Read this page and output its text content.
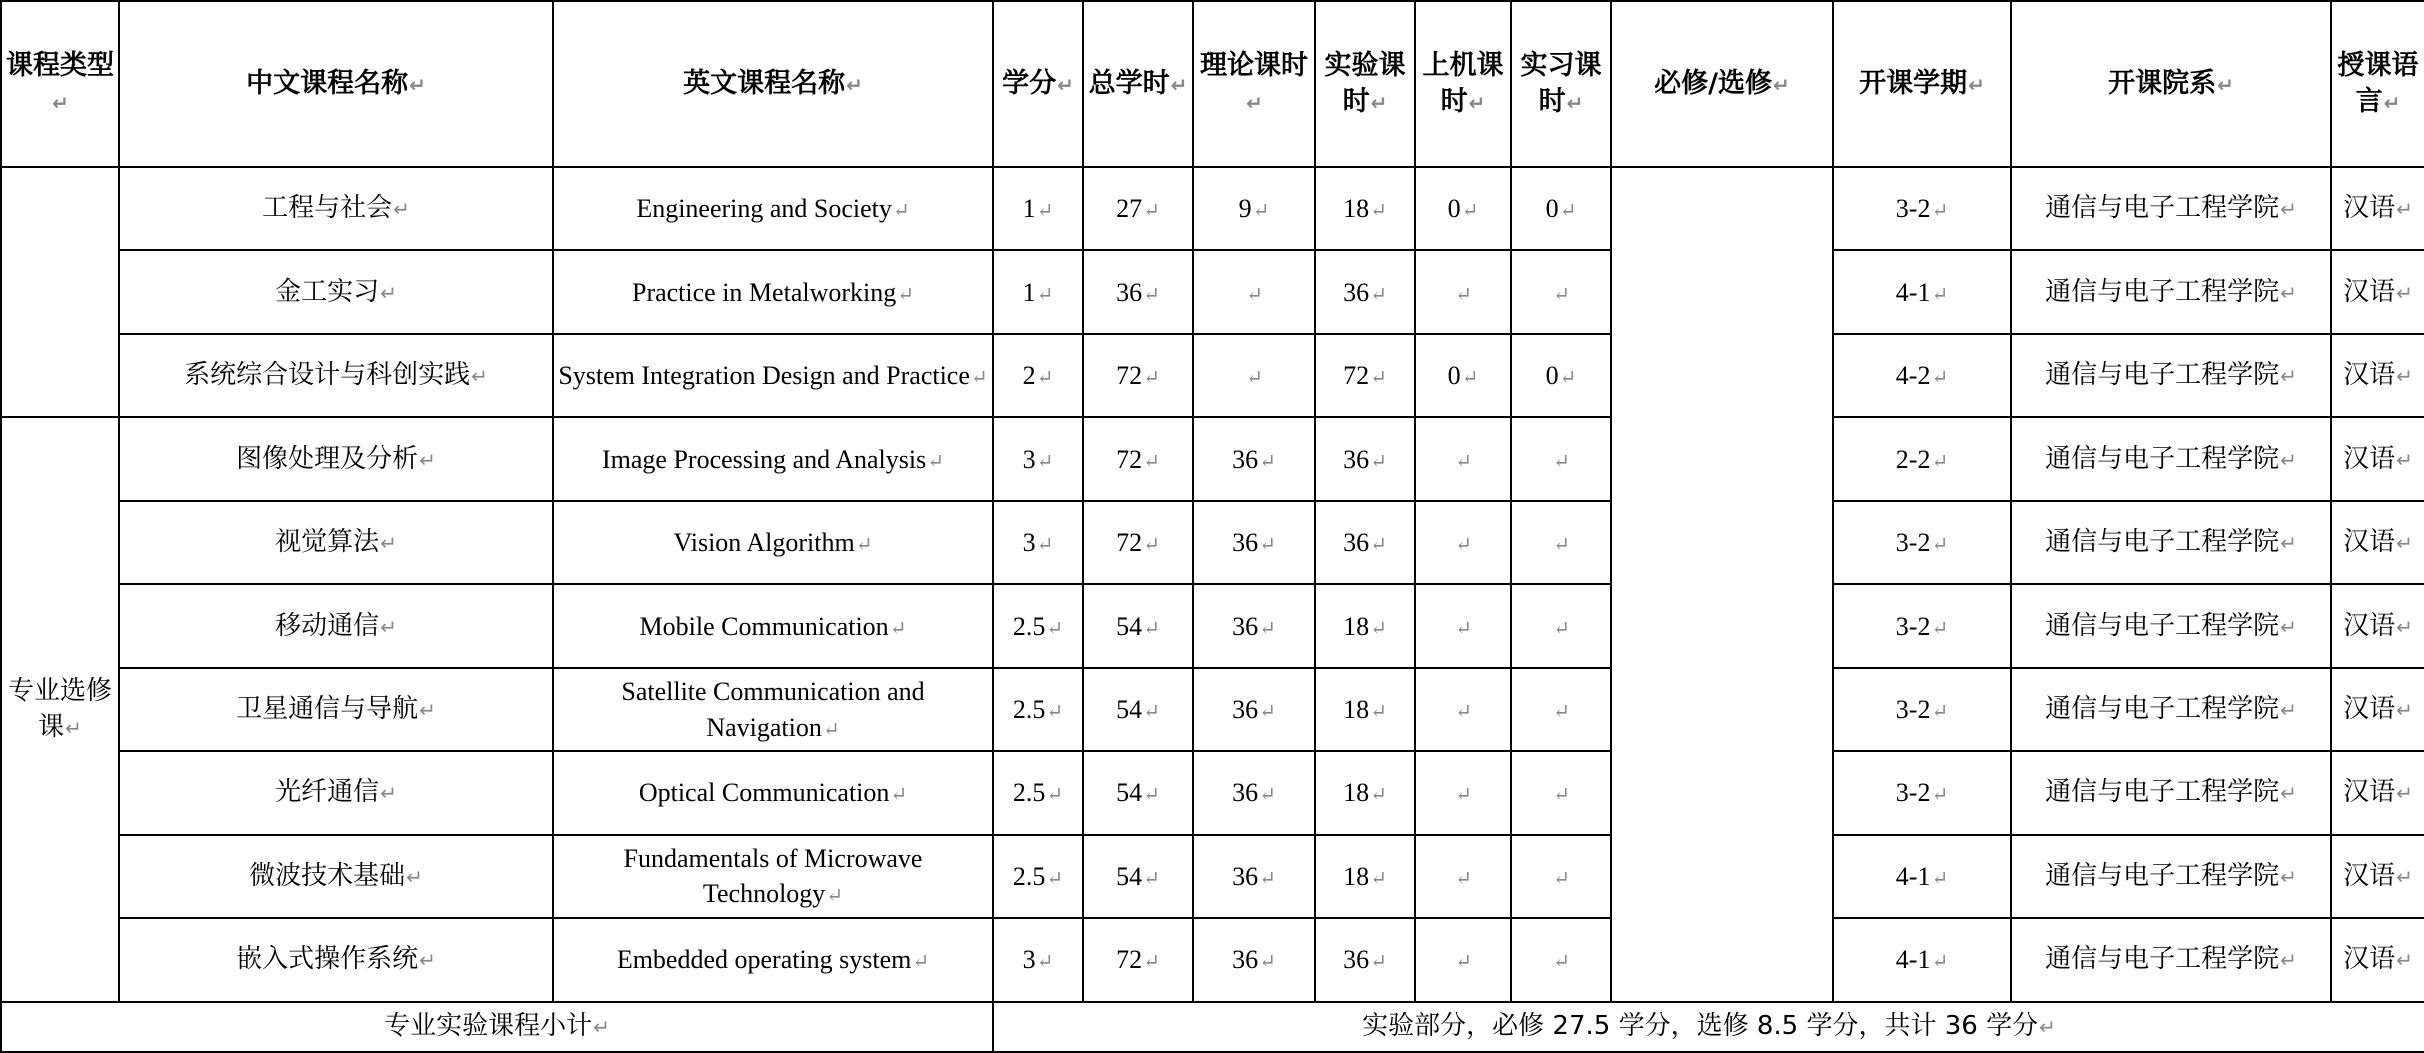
课程类型 ↵	中文课程名称 ↵	英文课程名称 ↵	学分 ↵	总学时 ↵	理论课时 ↵	实验课时 ↵	上机课时 ↵	实习课时 ↵	必修/选修 ↵	开课学期 ↵	开课院系 ↵	授课语言 ↵
	工程与社会 ↵	Engineering and Society ↵	1 ↵	27 ↵	9 ↵	18 ↵	0 ↵	0 ↵		3-2 ↵	通信与电子工程学院 ↵	汉语 ↵
	金工实习 ↵	Practice in Metalworking ↵	1 ↵	36 ↵	↵	36 ↵	↵	↵		4-1 ↵	通信与电子工程学院 ↵	汉语 ↵
	系统综合设计与科创实践 ↵	System Integration Design and Practice ↵	2 ↵	72 ↵	↵	72 ↵	0 ↵	0 ↵		4-2 ↵	通信与电子工程学院 ↵	汉语 ↵
专业选修课 ↵	图像处理及分析 ↵	Image Processing and Analysis ↵	3 ↵	72 ↵	36 ↵	36 ↵	↵	↵		2-2 ↵	通信与电子工程学院 ↵	汉语 ↵
	视觉算法 ↵	Vision Algorithm ↵	3 ↵	72 ↵	36 ↵	36 ↵	↵	↵		3-2 ↵	通信与电子工程学院 ↵	汉语 ↵
	移动通信 ↵	Mobile Communication ↵	2.5 ↵	54 ↵	36 ↵	18 ↵	↵	↵		3-2 ↵	通信与电子工程学院 ↵	汉语 ↵
	卫星通信与导航 ↵	Satellite Communication and Navigation ↵	2.5 ↵	54 ↵	36 ↵	18 ↵	↵	↵		3-2 ↵	通信与电子工程学院 ↵	汉语 ↵
	光纤通信 ↵	Optical Communication ↵	2.5 ↵	54 ↵	36 ↵	18 ↵	↵	↵		3-2 ↵	通信与电子工程学院 ↵	汉语 ↵
	微波技术基础 ↵	Fundamentals of Microwave Technology ↵	2.5 ↵	54 ↵	36 ↵	18 ↵	↵	↵		4-1 ↵	通信与电子工程学院 ↵	汉语 ↵
	嵌入式操作系统 ↵	Embedded operating system ↵	3 ↵	72 ↵	36 ↵	36 ↵	↵	↵		4-1 ↵	通信与电子工程学院 ↵	汉语 ↵
专业实验课程小计 ↵			实验部分，必修 27.5 学分，选修 8.5 学分，共计 36 学分 ↵
